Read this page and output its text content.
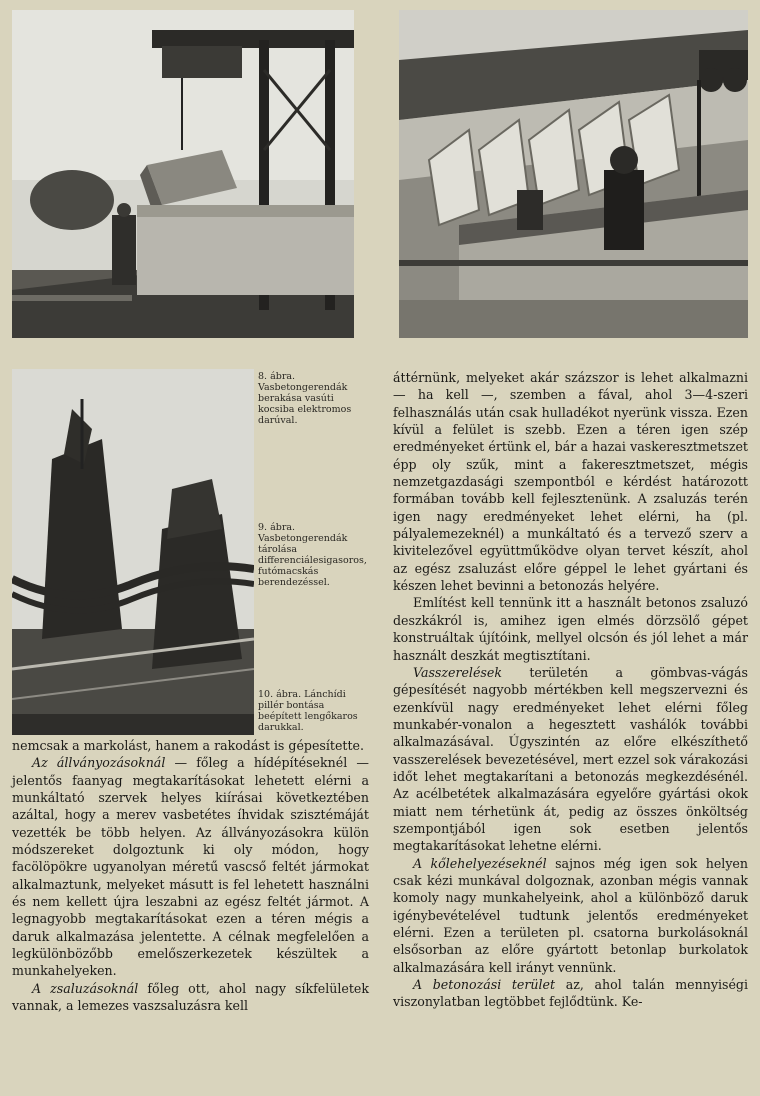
8. ábra. Vasbetongerendák berakása vasúti kocsiba elektromos darúval.
9. ábra. Vasbetongerendák tárolása differenciálesigasoros, futómacskás berendezéssel.
10. ábra. Lánchídi pillér bontása beépített lengőkaros darukkal.

nemcsak a markolást, hanem a rakodást is gépesítette.

Az állványozásoknál — főleg a hídépítéseknél — jelentős faanyag megtakarításokat lehetett elérni a munkáltató szervek helyes kiírásai következtében azáltal, hogy a merev vasbetétes íhvidak szisztémáját vezették be több helyen. Az állványozásokra külön módszereket dolgoztunk ki oly módon, hogy facölöpökre ugyanolyan méretű vascső feltét jármokat alkalmaztunk, melyeket másutt is fel lehetett használni és nem kellett újra leszabni az egész feltét jármot. A legnagyobb megtakarításokat ezen a téren mégis a daruk alkalmazása jelentette. A célnak megfelelően a legkülönbözőbb emelőszerkezetek készültek a munkahelyeken.

A zsaluzásoknál főleg ott, ahol nagy síkfelületek vannak, a lemezes vaszsaluzásra kell

áttérnünk, melyeket akár százszor is lehet alkalmazni — ha kell —, szemben a fával, ahol 3—4-szeri felhasználás után csak hulladékot nyerünk vissza. Ezen kívül a felület is szebb. Ezen a téren igen szép eredményeket értünk el, bár a hazai vaskeresztmetszet épp oly szűk, mint a fakeresztmetszet, mégis nemzetgazdasági szempontból e kérdést határozott formában tovább kell fejlesztenünk. A zsaluzás terén igen nagy eredményeket lehet elérni, ha (pl. pályalemezeknél) a munkáltató és a tervező szerv a kivitelezővel együttműködve olyan tervet készít, ahol az egész zsaluzást előre géppel le lehet gyártani és készen lehet bevinni a betonozás helyére.

Említést kell tennünk itt a használt betonos zsaluzó deszkákról is, amihez igen elmés dörzsölő gépet konstruáltak újítóink, mellyel olcsón és jól lehet a már használt deszkát megtisztítani.

Vasszerelések területén a gömbvas-vágás gépesítését nagyobb mértékben kell megszervezni és ezenkívül nagy eredményeket lehet elérni főleg munkabér-vonalon a hegesztett vashálók további alkalmazásával. Úgyszintén az előre elkészíthető vasszerelések bevezetésével, mert ezzel sok várakozási időt lehet megtakarítani a betonozás megkezdésénél. Az acélbetétek alkalmazására egyelőre gyártási okok miatt nem térhetünk át, pedig az összes önköltség szempontjából igen sok esetben jelentős megtakarításokat lehetne elérni.

A kőlehelyezéseknél sajnos még igen sok helyen csak kézi munkával dolgoznak, azonban mégis vannak komoly nagy munkahelyeink, ahol a különböző daruk igénybevételével tudtunk jelentős eredményeket elérni. Ezen a területen pl. csatorna burkolásoknál elsősorban az előre gyártott betonlap burkolatok alkalmazására kell irányt vennünk.

A betonozási terület az, ahol talán mennyiségi viszonylatban legtöbbet fejlődtünk. Ke-
